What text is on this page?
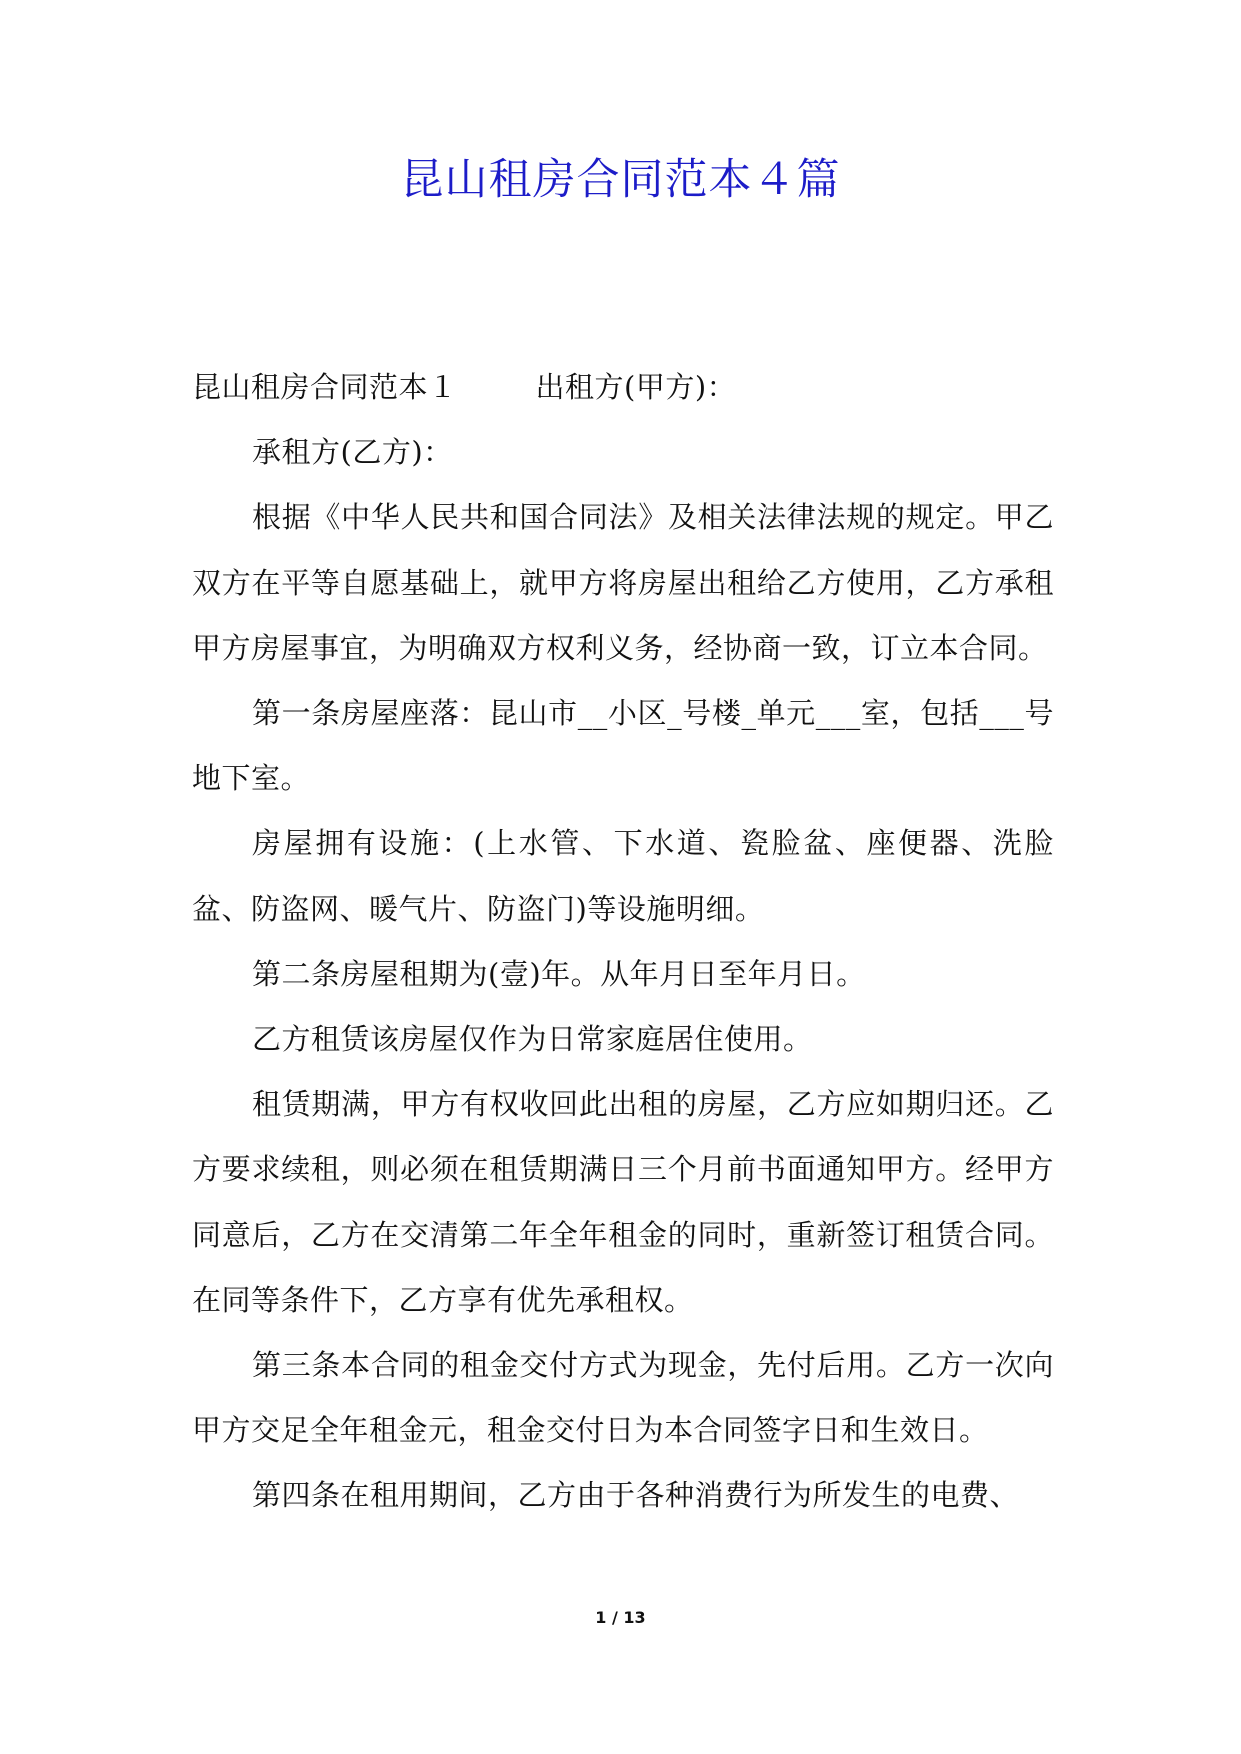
昆山租房合同范本４篇

昆山租房合同范本１	出租方(甲方)：

承租方(乙方)：

根据《中华人民共和国合同法》及相关法律法规的规定。甲乙双方在平等自愿基础上，就甲方将房屋出租给乙方使用，乙方承租甲方房屋事宜，为明确双方权利义务，经协商一致，订立本合同。

第一条房屋座落：昆山市__小区_号楼_单元___室，包括___号地下室。

房屋拥有设施：(上水管、下水道、瓷脸盆、座便器、洗脸盆、防盗网、暖气片、防盗门)等设施明细。

第二条房屋租期为(壹)年。从年月日至年月日。

乙方租赁该房屋仅作为日常家庭居住使用。

租赁期满，甲方有权收回此出租的房屋，乙方应如期归还。乙方要求续租，则必须在租赁期满日三个月前书面通知甲方。经甲方同意后，乙方在交清第二年全年租金的同时，重新签订租赁合同。在同等条件下，乙方享有优先承租权。

第三条本合同的租金交付方式为现金，先付后用。乙方一次向甲方交足全年租金元，租金交付日为本合同签字日和生效日。

第四条在租用期间，乙方由于各种消费行为所发生的电费、

1 / 13
